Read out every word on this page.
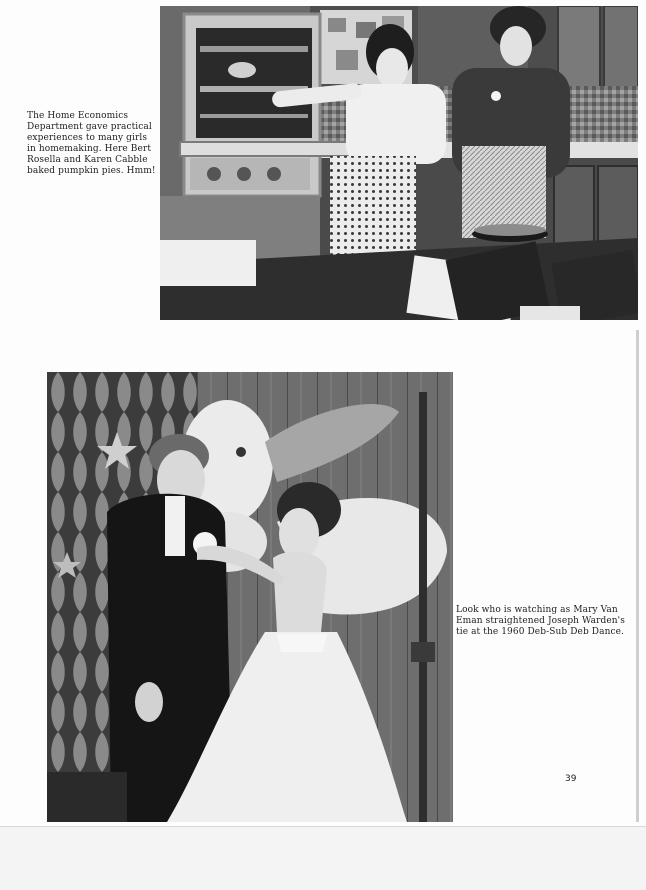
The Home Economics Department gave practical experiences to many girls in homemaking. Here Bert Rosella and Karen Cabble baked pumpkin pies. Hmm!
Look who is watching as Mary Van Eman straightened Joseph Warden's tie at the 1960 Deb-Sub Deb Dance.
39
